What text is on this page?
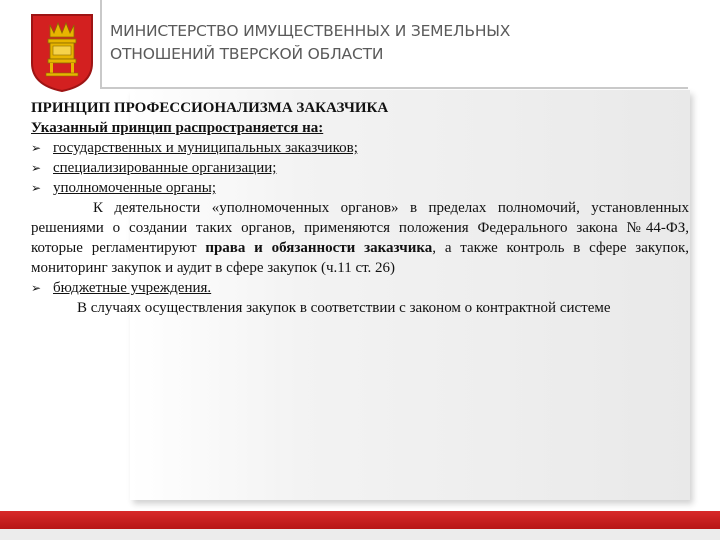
МИНИСТЕРСТВО ИМУЩЕСТВЕННЫХ И ЗЕМЕЛЬНЫХ
ОТНОШЕНИЙ ТВЕРСКОЙ ОБЛАСТИ

ПРИНЦИП ПРОФЕССИОНАЛИЗМА ЗАКАЗЧИКА

Указанный принцип распространяется на:

➢ государственных и муниципальных заказчиков;
➢ специализированные организации;
➢ уполномоченные органы;

К деятельности «уполномоченных органов» в пределах полномочий, установленных решениями о создании таких органов, применяются положения Федерального закона №44-ФЗ, которые регламентируют права и обязанности заказчика, а также контроль в сфере закупок, мониторинг закупок и аудит в сфере закупок (ч.11 ст. 26)

➢ бюджетные учреждения.

В случаях осуществления закупок в соответствии с законом о контрактной системе
